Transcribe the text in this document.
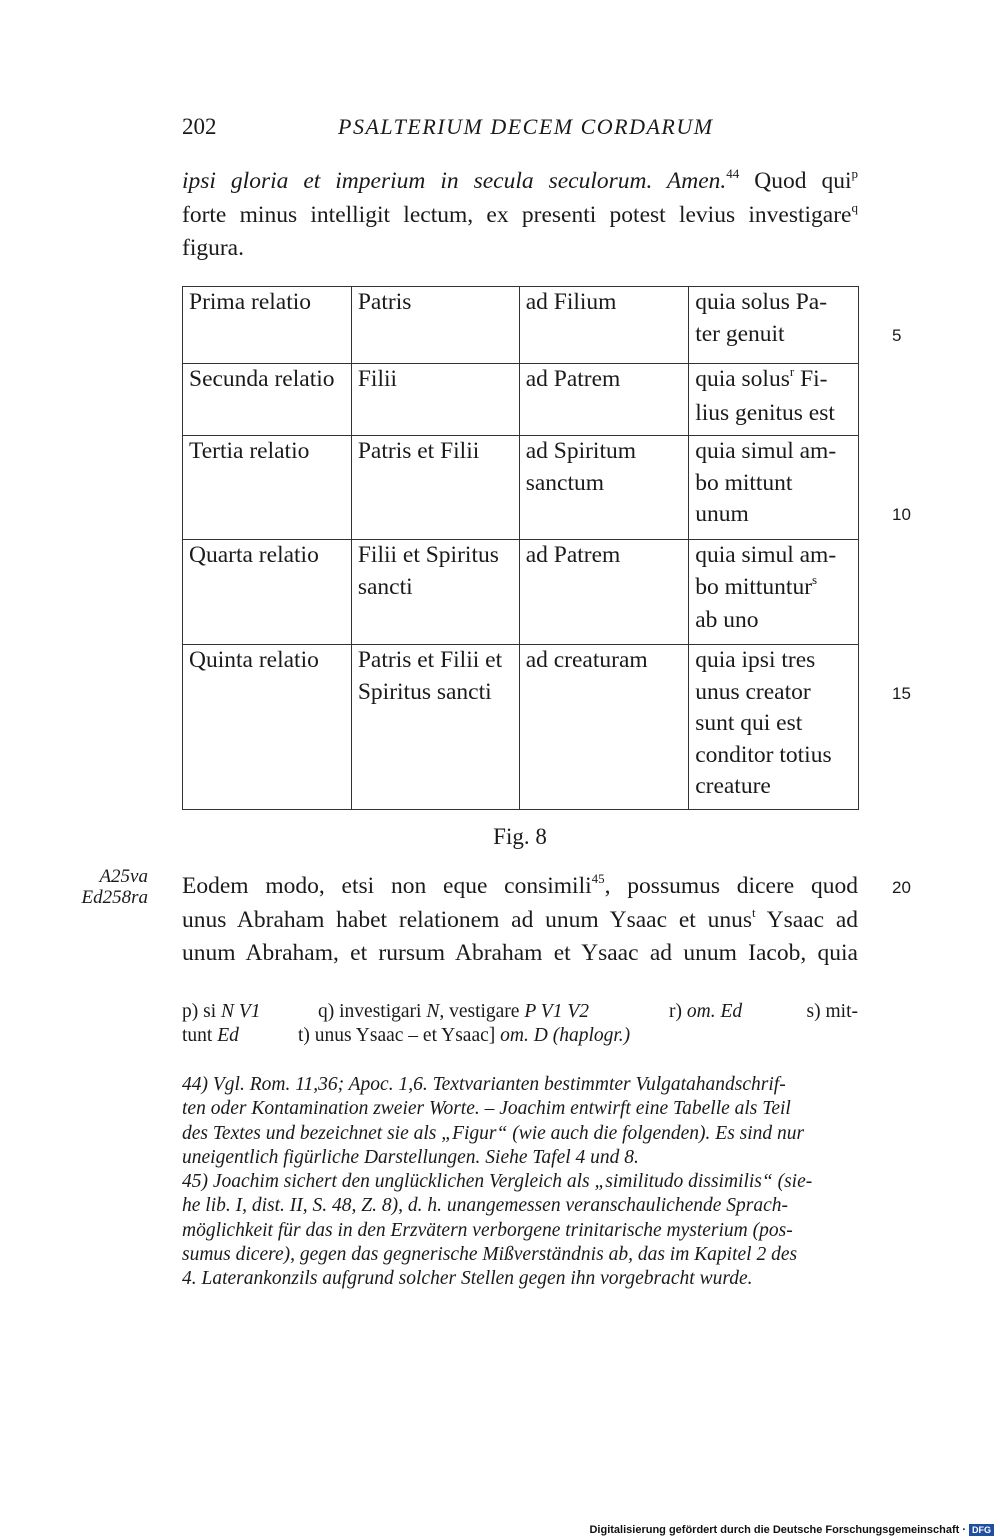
202	PSALTERIUM DECEM CORDARUM
ipsi gloria et imperium in secula seculorum. Amen.$^{44}$ Quod qui$^p$
forte minus intelligit lectum, ex presenti potest levius investigare$^q$
figura.
Prima relatio	Patris	ad Filium	quia solus Pa-
ter genuit

Secunda relatio	Filii	ad Patrem	quia solus$^r$ Fi-
lius genitus est

Tertia relatio	Patris et Filii	ad Spiritum
sanctum	quia simul am-
bo mittunt
unum

Quarta relatio	Filii et Spiritus
sancti	ad Patrem	quia simul am-
bo mittuntur$^s$
ab uno

Quinta relatio	Patris et Filii et
Spiritus sancti	ad creaturam	quia ipsi tres
unus creator
sunt qui est
conditor totius
creature
Fig. 8
5
10
15
20
A25va
Ed258ra Eodem modo, etsi non eque consimili$^{45}$, possumus dicere quod
unus Abraham habet relationem ad unum Ysaac et unus$^t$ Ysaac ad
unum Abraham, et rursum Abraham et Ysaac ad unum Iacob, quia
p) si N V1	q) investigari N, vestigare P V1 V2	r) om. Ed	s) mit-
tunt Ed	t) unus Ysaac – et Ysaac] om. D (haplogr.)
44) Vgl. Rom. 11,36; Apoc. 1,6. Textvarianten bestimmter Vulgatahandschrif-
ten oder Kontamination zweier Worte. – Joachim entwirft eine Tabelle als Teil
des Textes und bezeichnet sie als „Figur“ (wie auch die folgenden). Es sind nur
uneigentlich figürliche Darstellungen. Siehe Tafel 4 und 8.
45) Joachim sichert den unglücklichen Vergleich als „similitudo dissimilis“ (sie-
he lib. I, dist. II, S. 48, Z. 8), d. h. unangemessen veranschaulichende Sprach-
möglichkeit für das in den Erzvätern verborgene trinitarische mysterium (pos-
sumus dicere), gegen das gegnerische Mißverständnis ab, das im Kapitel 2 des
4. Laterankonzils aufgrund solcher Stellen gegen ihn vorgebracht wurde.
Digitalisierung gefördert durch die Deutsche Forschungsgemeinschaft · DFG
